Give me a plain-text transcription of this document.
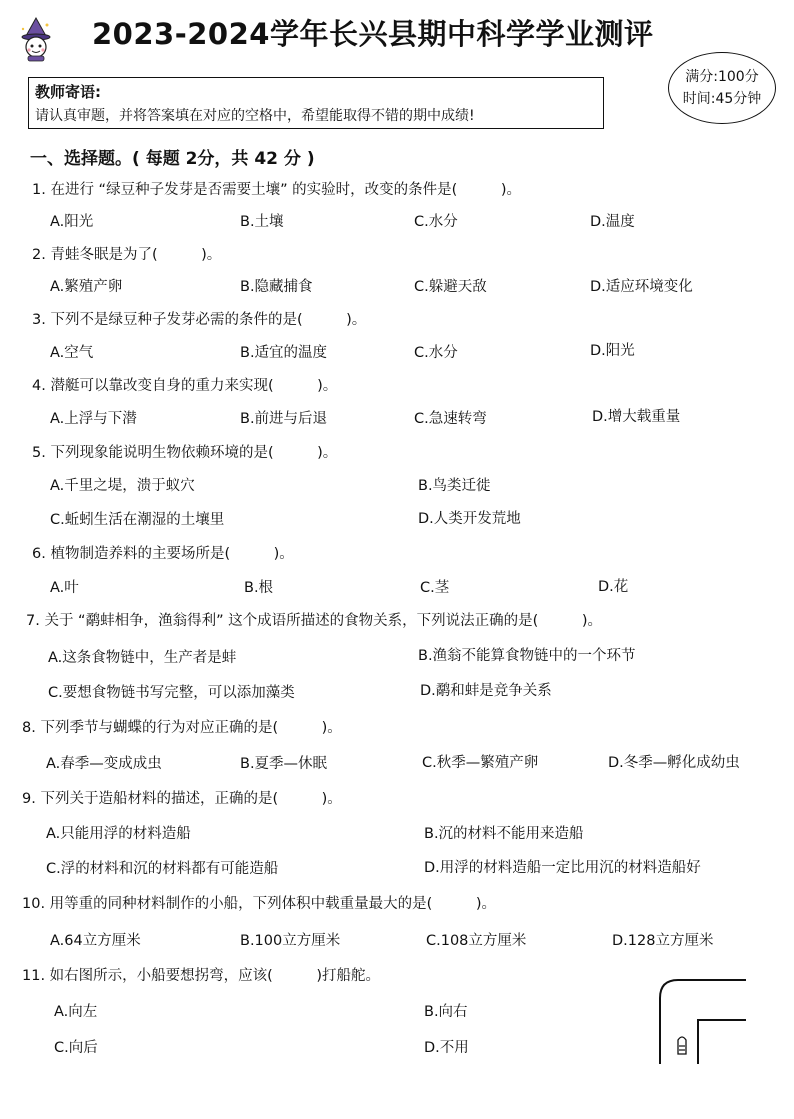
2023-2024学年长兴县期中科学学业测评
满分:100分
时间:45分钟
教师寄语:
请认真审题，并将答案填在对应的空格中，希望能取得不错的期中成绩!
一、选择题。( 每题 2分，共 42 分 )
1. 在进行 “绿豆种子发芽是否需要土壤” 的实验时，改变的条件是(　　　)。
A.阳光	B.土壤	C.水分	D.温度
2. 青蛙冬眠是为了(　　　)。
A.繁殖产卵	B.隐藏捕食	C.躲避天敌	D.适应环境变化
3. 下列不是绿豆种子发芽必需的条件的是(　　　)。
A.空气	B.适宜的温度	C.水分	D.阳光
4. 潜艇可以靠改变自身的重力来实现(　　　)。
A.上浮与下潜	B.前进与后退	C.急速转弯	D.增大载重量
5. 下列现象能说明生物依赖环境的是(　　　)。
A.千里之堤，溃于蚁穴	B.鸟类迁徙
C.蚯蚓生活在潮湿的土壤里	D.人类开发荒地
6. 植物制造养料的主要场所是(　　　)。
A.叶	B.根	C.茎	D.花
7. 关于 “鹬蚌相争，渔翁得利” 这个成语所描述的食物关系，下列说法正确的是(　　　)。
A.这条食物链中，生产者是蚌	B.渔翁不能算食物链中的一个环节
C.要想食物链书写完整，可以添加藻类	D.鹬和蚌是竞争关系
8. 下列季节与蝴蝶的行为对应正确的是(　　　)。
A.春季—变成成虫	B.夏季—休眠	C.秋季—繁殖产卵	D.冬季—孵化成幼虫
9. 下列关于造船材料的描述，正确的是(　　　)。
A.只能用浮的材料造船	B.沉的材料不能用来造船
C.浮的材料和沉的材料都有可能造船	D.用浮的材料造船一定比用沉的材料造船好
10. 用等重的同种材料制作的小船，下列体积中载重量最大的是(　　　)。
A.64立方厘米	B.100立方厘米	C.108立方厘米	D.128立方厘米
11. 如右图所示，小船要想拐弯，应该(　　　)打船舵。
A.向左	B.向右
C.向后	D.不用
